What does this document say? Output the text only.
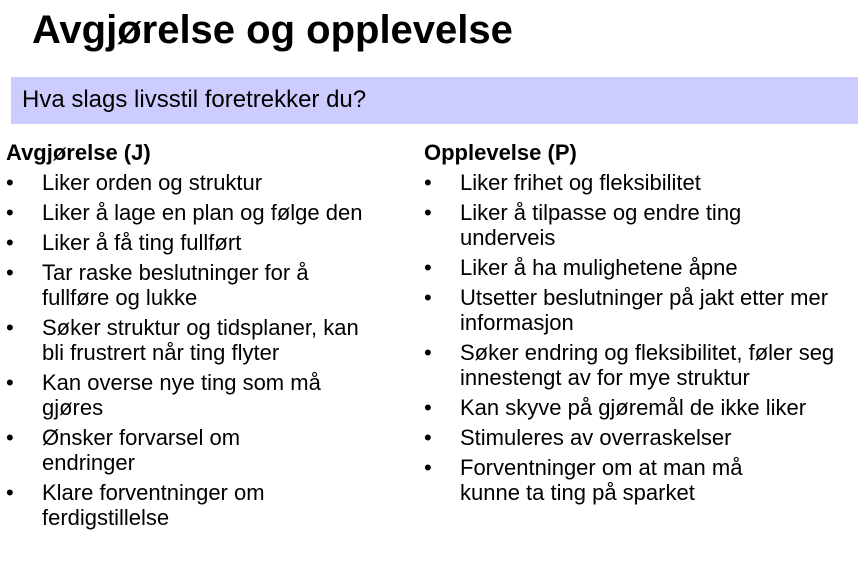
Avgjørelse og opplevelse
Hva slags livsstil foretrekker du?
Avgjørelse (J)
•	Liker orden og struktur
•	Liker å lage en plan og følge den
•	Liker å få ting fullført
•	Tar raske beslutninger for å fullføre og lukke
•	Søker struktur og tidsplaner, kan bli frustrert når ting flyter
•	Kan overse nye ting som må gjøres
•	Ønsker forvarsel om endringer
•	Klare forventninger om ferdigstillelse
Opplevelse (P)
•	Liker frihet og fleksibilitet
•	Liker å tilpasse og endre ting underveis
•	Liker å ha mulighetene åpne
•	Utsetter beslutninger på jakt etter mer informasjon
•	Søker endring og fleksibilitet, føler seg innestengt av for mye struktur
•	Kan skyve på gjøremål de ikke liker
•	Stimuleres av overraskelser
•	Forventninger om at man må kunne ta ting på sparket
